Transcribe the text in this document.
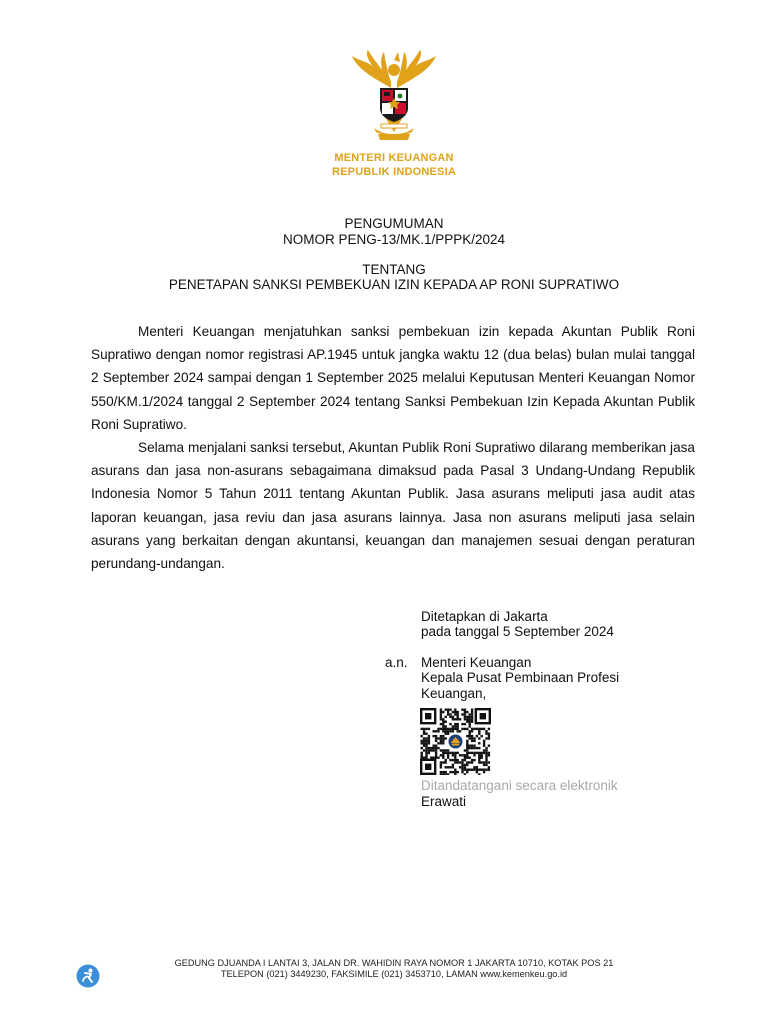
MENTERI KEUANGAN
REPUBLIK INDONESIA
PENGUMUMAN
NOMOR PENG-13/MK.1/PPPK/2024
TENTANG
PENETAPAN SANKSI PEMBEKUAN IZIN KEPADA AP RONI SUPRATIWO

Menteri Keuangan menjatuhkan sanksi pembekuan izin kepada Akuntan Publik Roni Supratiwo dengan nomor registrasi AP.1945 untuk jangka waktu 12 (dua belas) bulan mulai tanggal 2 September 2024 sampai dengan 1 September 2025 melalui Keputusan Menteri Keuangan Nomor 550/KM.1/2024 tanggal 2 September 2024 tentang Sanksi Pembekuan Izin Kepada Akuntan Publik Roni Supratiwo.

Selama menjalani sanksi tersebut, Akuntan Publik Roni Supratiwo dilarang memberikan jasa asurans dan jasa non-asurans sebagaimana dimaksud pada Pasal 3 Undang-Undang Republik Indonesia Nomor 5 Tahun 2011 tentang Akuntan Publik. Jasa asurans meliputi jasa audit atas laporan keuangan, jasa reviu dan jasa asurans lainnya. Jasa non asurans meliputi jasa selain asurans yang berkaitan dengan akuntansi, keuangan dan manajemen sesuai dengan peraturan perundang-undangan.

Ditetapkan di Jakarta
pada tanggal 5 September 2024
a.n. Menteri Keuangan
Kepala Pusat Pembinaan Profesi
Keuangan,
Ditandatangani secara elektronik
Erawati
GEDUNG DJUANDA I LANTAI 3, JALAN DR. WAHIDIN RAYA NOMOR 1 JAKARTA 10710, KOTAK POS 21
TELEPON (021) 3449230, FAKSIMILE (021) 3453710, LAMAN www.kemenkeu.go.id
